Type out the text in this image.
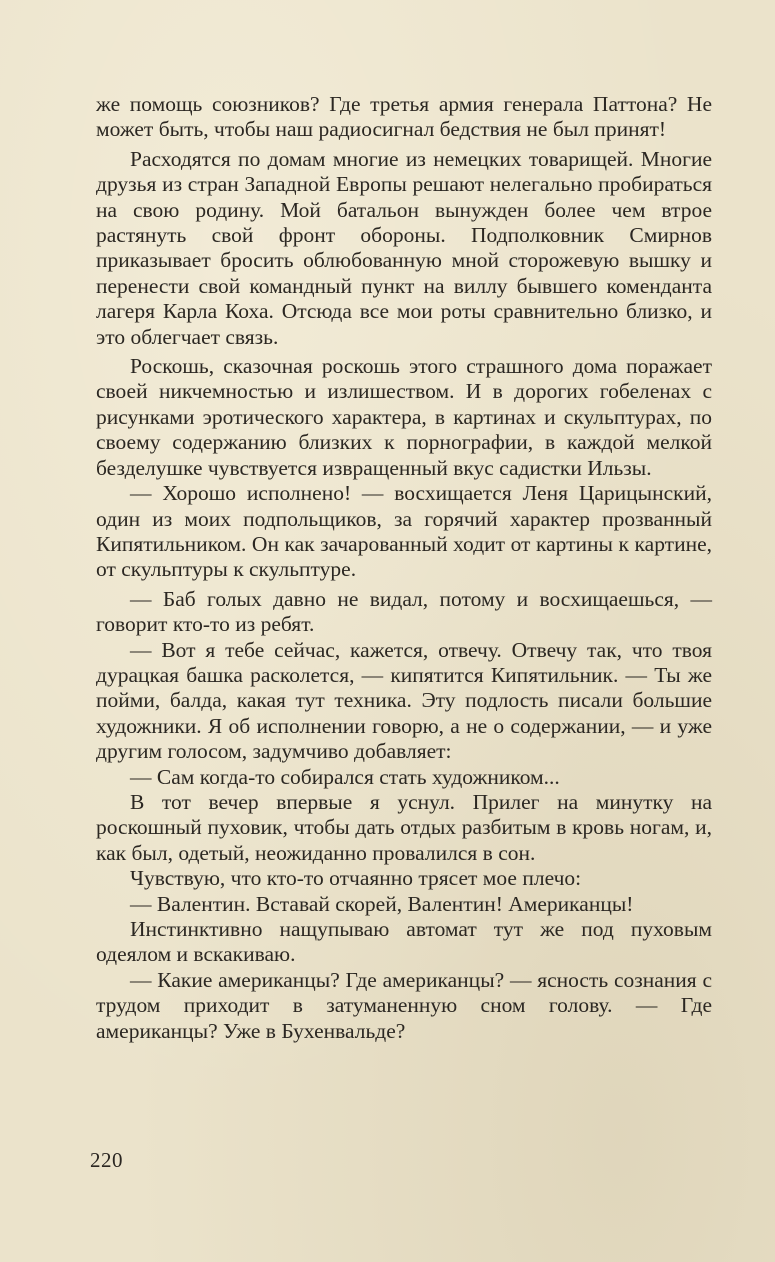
же помощь союзников? Где третья армия генерала Паттона? Не может быть, чтобы наш радиосигнал бедствия не был принят!

Расходятся по домам многие из немецких товарищей. Многие друзья из стран Западной Европы решают нелегально пробираться на свою родину. Мой батальон вынужден более чем втрое растянуть свой фронт обороны. Подполковник Смирнов приказывает бросить облюбованную мной сторожевую вышку и перенести свой командный пункт на виллу бывшего коменданта лагеря Карла Коха. Отсюда все мои роты сравнительно близко, и это облегчает связь.

Роскошь, сказочная роскошь этого страшного дома поражает своей никчемностью и излишеством. И в дорогих гобеленах с рисунками эротического характера, в картинах и скульптурах, по своему содержанию близких к порнографии, в каждой мелкой безделушке чувствуется извращенный вкус садистки Ильзы.

— Хорошо исполнено! — восхищается Леня Царицынский, один из моих подпольщиков, за горячий характер прозванный Кипятильником. Он как зачарованный ходит от картины к картине, от скульптуры к скульптуре.

— Баб голых давно не видал, потому и восхищаешься, — говорит кто-то из ребят.

— Вот я тебе сейчас, кажется, отвечу. Отвечу так, что твоя дурацкая башка расколется, — кипятится Кипятильник. — Ты же пойми, балда, какая тут техника. Эту подлость писали большие художники. Я об исполнении говорю, а не о содержании, — и уже другим голосом, задумчиво добавляет:

— Сам когда-то собирался стать художником...

В тот вечер впервые я уснул. Прилег на минутку на роскошный пуховик, чтобы дать отдых разбитым в кровь ногам, и, как был, одетый, неожиданно провалился в сон.

Чувствую, что кто-то отчаянно трясет мое плечо:

— Валентин. Вставай скорей, Валентин! Американцы!

Инстинктивно нащупываю автомат тут же под пуховым одеялом и вскакиваю.

— Какие американцы? Где американцы? — ясность сознания с трудом приходит в затуманенную сном голову. — Где американцы? Уже в Бухенвальде?

220
